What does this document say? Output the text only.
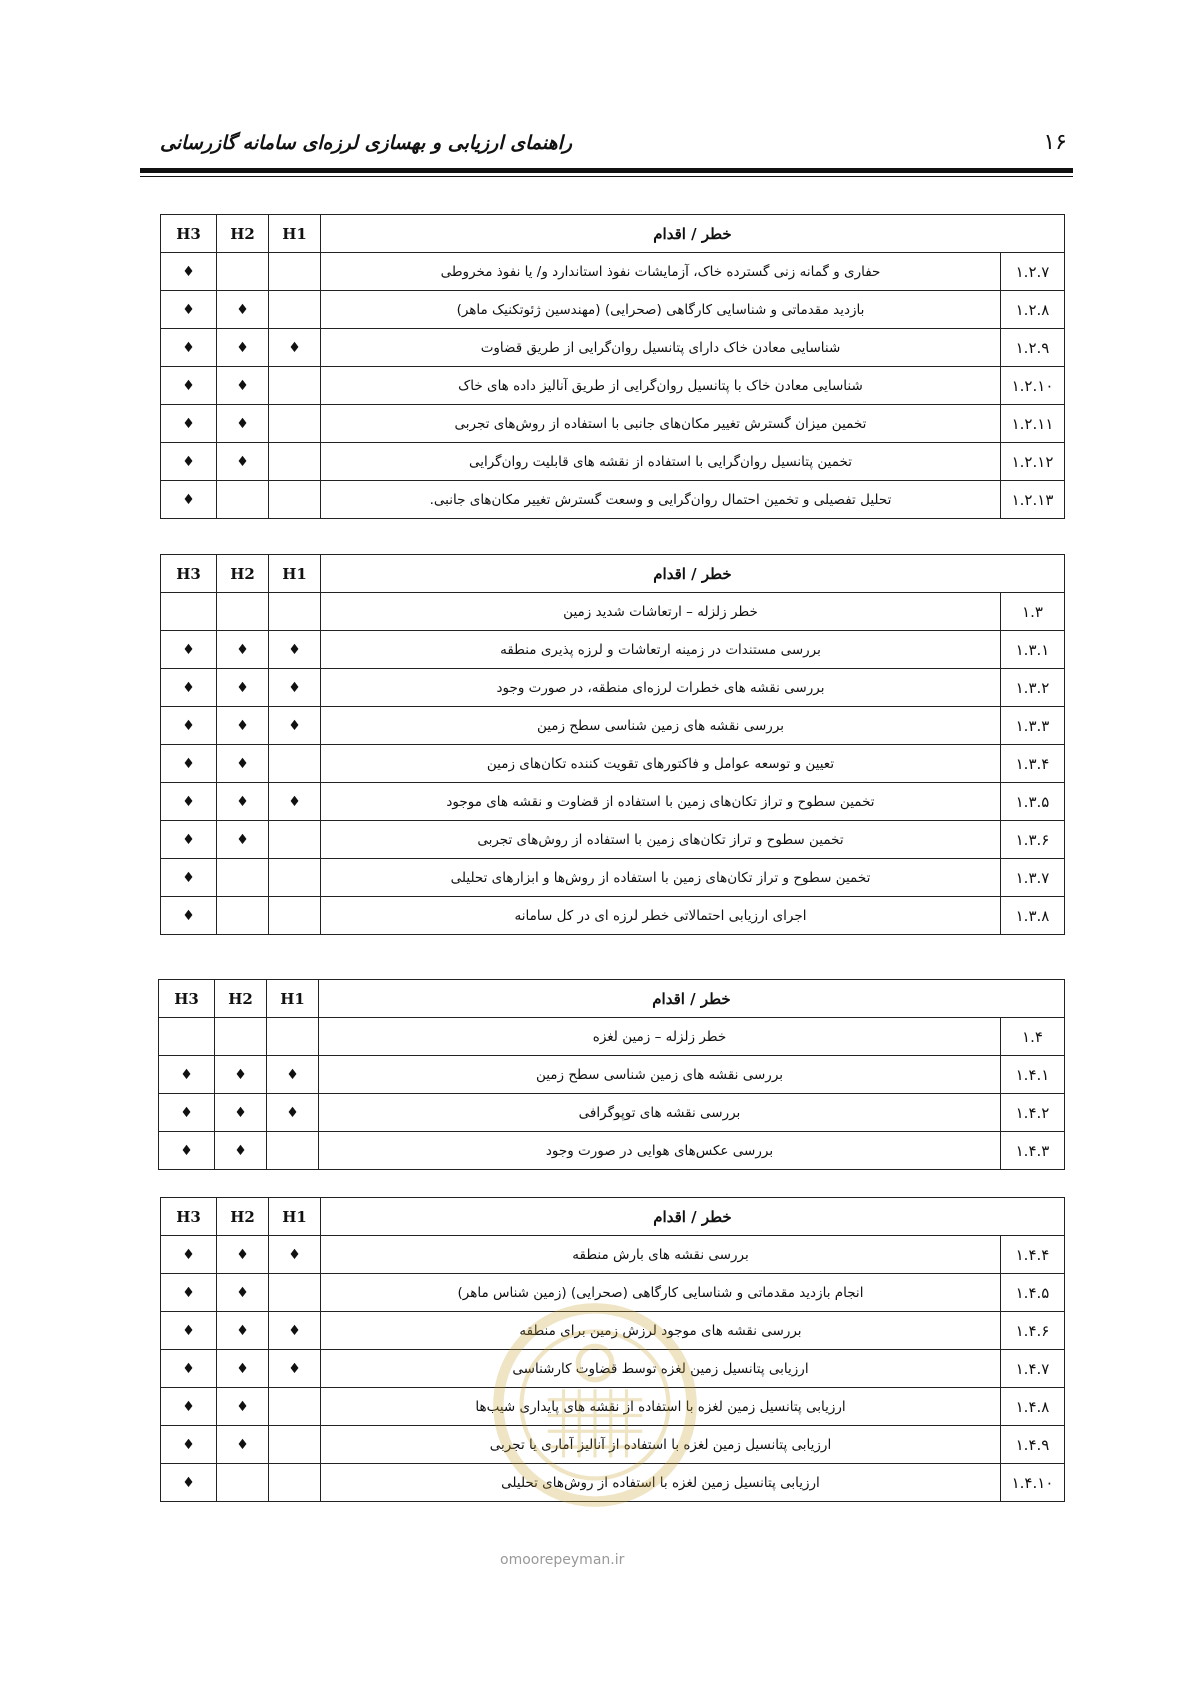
راهنمای ارزیابی و بهسازی لرزه‌ای سامانه گازرسانی	۱۶
H3	H2	H1	خطر / اقدام	
♦			حفاری و گمانه زنی گسترده خاک، آزمایشات نفوذ استاندارد و/ یا نفوذ مخروطی	۱.۲.۷
♦	♦		بازدید مقدماتی و شناسایی کارگاهی (صحرایی) (مهندسین ژئوتکنیک ماهر)	۱.۲.۸
♦	♦	♦	شناسایی معادن خاک دارای پتانسیل روان‌گرایی از طریق قضاوت	۱.۲.۹
♦	♦		شناسایی معادن خاک با پتانسیل روان‌گرایی از طریق آنالیز داده های خاک	۱.۲.۱۰
♦	♦		تخمین میزان گسترش تغییر مکان‌های جانبی با استفاده از روش‌های تجربی	۱.۲.۱۱
♦	♦		تخمین پتانسیل روان‌گرایی با استفاده از نقشه های قابلیت روان‌گرایی	۱.۲.۱۲
♦			تحلیل تفصیلی و تخمین احتمال روان‌گرایی و وسعت گسترش تغییر مکان‌های جانبی.	۱.۲.۱۳
H3	H2	H1	خطر / اقدام	
			خطر زلزله – ارتعاشات شدید زمین	۱.۳
♦	♦	♦	بررسی مستندات در زمینه ارتعاشات و لرزه پذیری منطقه	۱.۳.۱
♦	♦	♦	بررسی نقشه های خطرات لرزه‌ای منطقه، در صورت وجود	۱.۳.۲
♦	♦	♦	بررسی نقشه های زمین شناسی سطح زمین	۱.۳.۳
♦	♦		تعیین و توسعه عوامل و فاکتورهای تقویت کننده تکان‌های زمین	۱.۳.۴
♦	♦	♦	تخمین سطوح و تراز تکان‌های زمین با استفاده از قضاوت و نقشه های موجود	۱.۳.۵
♦	♦		تخمین سطوح و تراز تکان‌های زمین با استفاده از روش‌های تجربی	۱.۳.۶
♦			تخمین سطوح و تراز تکان‌های زمین با استفاده از روش‌ها و ابزارهای تحلیلی	۱.۳.۷
♦			اجرای ارزیابی احتمالاتی خطر لرزه ای در کل سامانه	۱.۳.۸
H3	H2	H1	خطر / اقدام	
			خطر زلزله – زمین لغزه	۱.۴
♦	♦	♦	بررسی نقشه های زمین شناسی سطح زمین	۱.۴.۱
♦	♦	♦	بررسی نقشه های توپوگرافی	۱.۴.۲
♦	♦		بررسی عکس‌های هوایی در صورت وجود	۱.۴.۳
H3	H2	H1	خطر / اقدام	
♦	♦	♦	بررسی نقشه های بارش منطقه	۱.۴.۴
♦	♦		انجام بازدید مقدماتی و شناسایی کارگاهی (صحرایی) (زمین شناس ماهر)	۱.۴.۵
♦	♦	♦	بررسی نقشه های موجود لرزش زمین برای منطقه	۱.۴.۶
♦	♦	♦	ارزیابی پتانسیل زمین لغزه توسط قضاوت کارشناسی	۱.۴.۷
♦	♦		ارزیابی پتانسیل زمین لغزه با استفاده از نقشه های پایداری شیب‌ها	۱.۴.۸
♦	♦		ارزیابی پتانسیل زمین لغزه با استفاده از آنالیز آماری یا تجربی	۱.۴.۹
♦			ارزیابی پتانسیل زمین لغزه با استفاده از روش‌های تحلیلی	۱.۴.۱۰
omoorepeyman.ir
